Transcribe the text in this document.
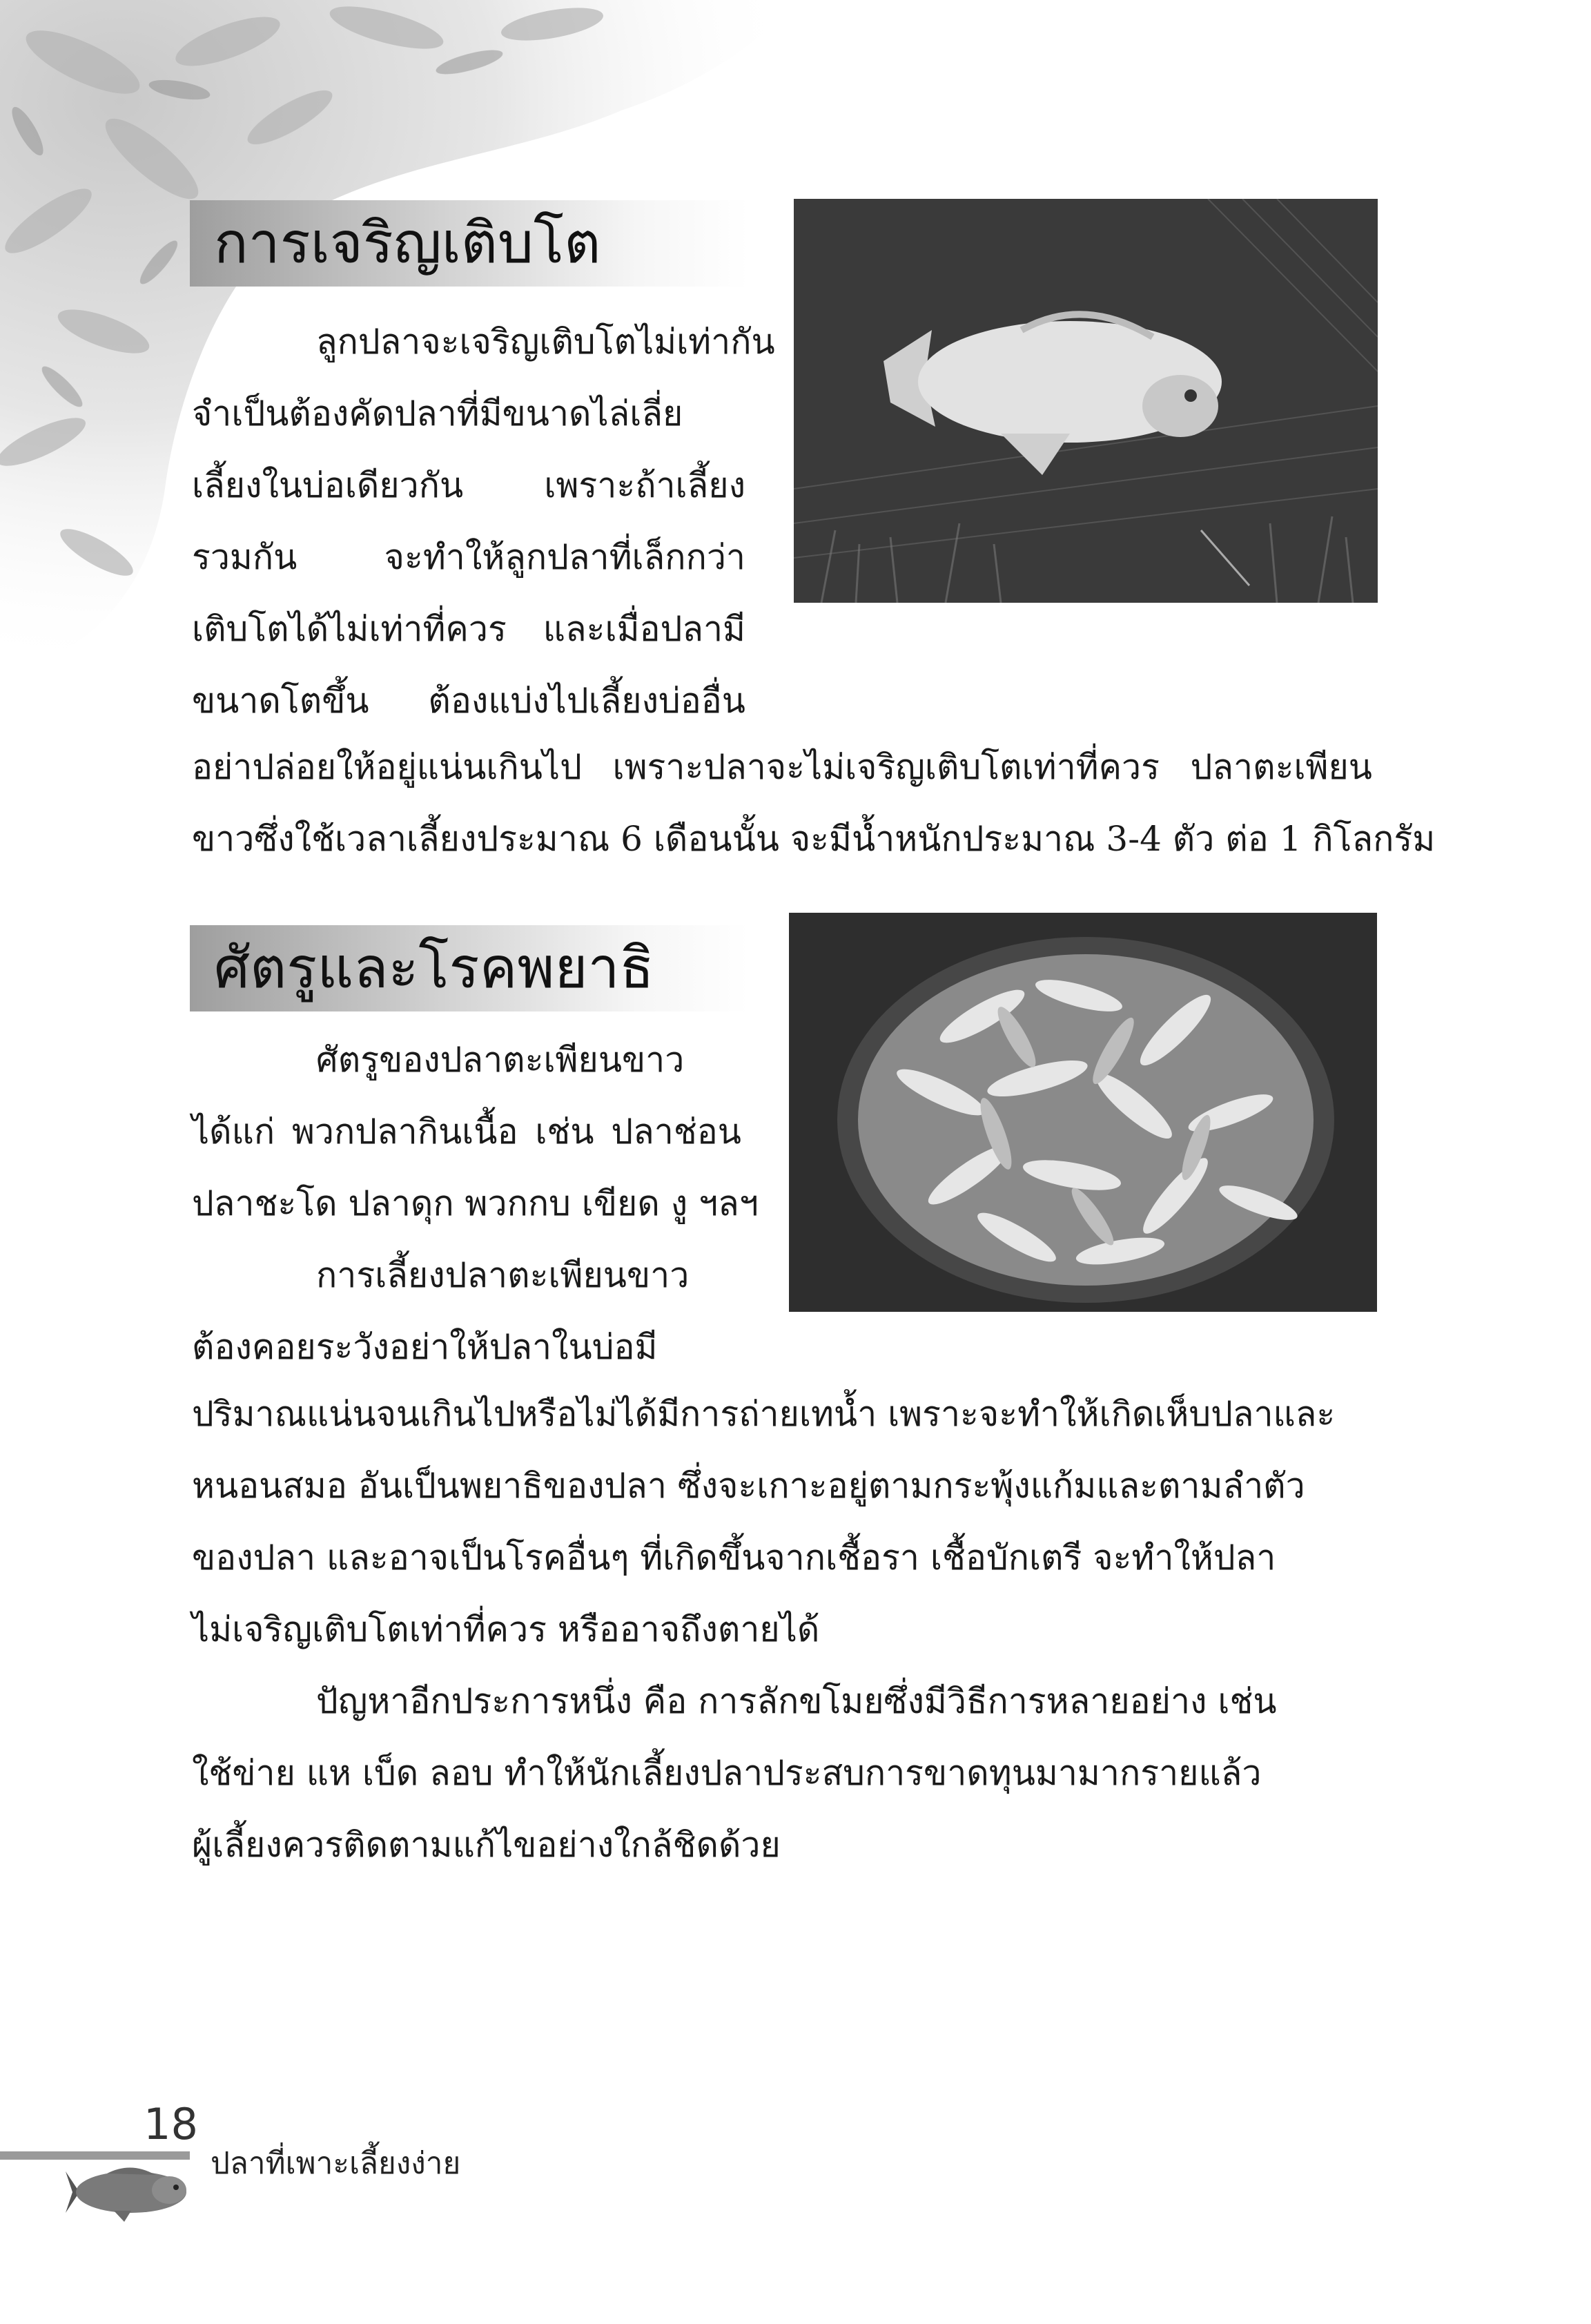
การเจริญเติบโต

ลูกปลาจะเจริญเติบโตไม่เท่ากัน
จำเป็นต้องคัดปลาที่มีขนาดไล่เลี่ย
เลี้ยงในบ่อเดียวกัน เพราะถ้าเลี้ยง
รวมกัน จะทำให้ลูกปลาที่เล็กกว่า
เติบโตได้ไม่เท่าที่ควร และเมื่อปลามี
ขนาดโตขึ้น ต้องแบ่งไปเลี้ยงบ่ออื่น

อย่าปล่อยให้อยู่แน่นเกินไป เพราะปลาจะไม่เจริญเติบโตเท่าที่ควร ปลาตะเพียน
ขาวซึ่งใช้เวลาเลี้ยงประมาณ 6 เดือนนั้น จะมีน้ำหนักประมาณ 3-4 ตัว ต่อ 1 กิโลกรัม

ศัตรูและโรคพยาธิ

ศัตรูของปลาตะเพียนขาว
ได้แก่ พวกปลากินเนื้อ เช่น ปลาช่อน
ปลาชะโด ปลาดุก พวกกบ เขียด งู ฯลฯ
การเลี้ยงปลาตะเพียนขาว
ต้องคอยระวังอย่าให้ปลาในบ่อมี

ปริมาณแน่นจนเกินไปหรือไม่ได้มีการถ่ายเทน้ำ เพราะจะทำให้เกิดเห็บปลาและ
หนอนสมอ อันเป็นพยาธิของปลา ซึ่งจะเกาะอยู่ตามกระพุ้งแก้มและตามลำตัว
ของปลา และอาจเป็นโรคอื่นๆ ที่เกิดขึ้นจากเชื้อรา เชื้อบักเตรี จะทำให้ปลา
ไม่เจริญเติบโตเท่าที่ควร หรืออาจถึงตายได้

ปัญหาอีกประการหนึ่ง คือ การลักขโมยซึ่งมีวิธีการหลายอย่าง เช่น
ใช้ข่าย แห เบ็ด ลอบ ทำให้นักเลี้ยงปลาประสบการขาดทุนมามากรายแล้ว
ผู้เลี้ยงควรติดตามแก้ไขอย่างใกล้ชิดด้วย

18
ปลาที่เพาะเลี้ยงง่าย
